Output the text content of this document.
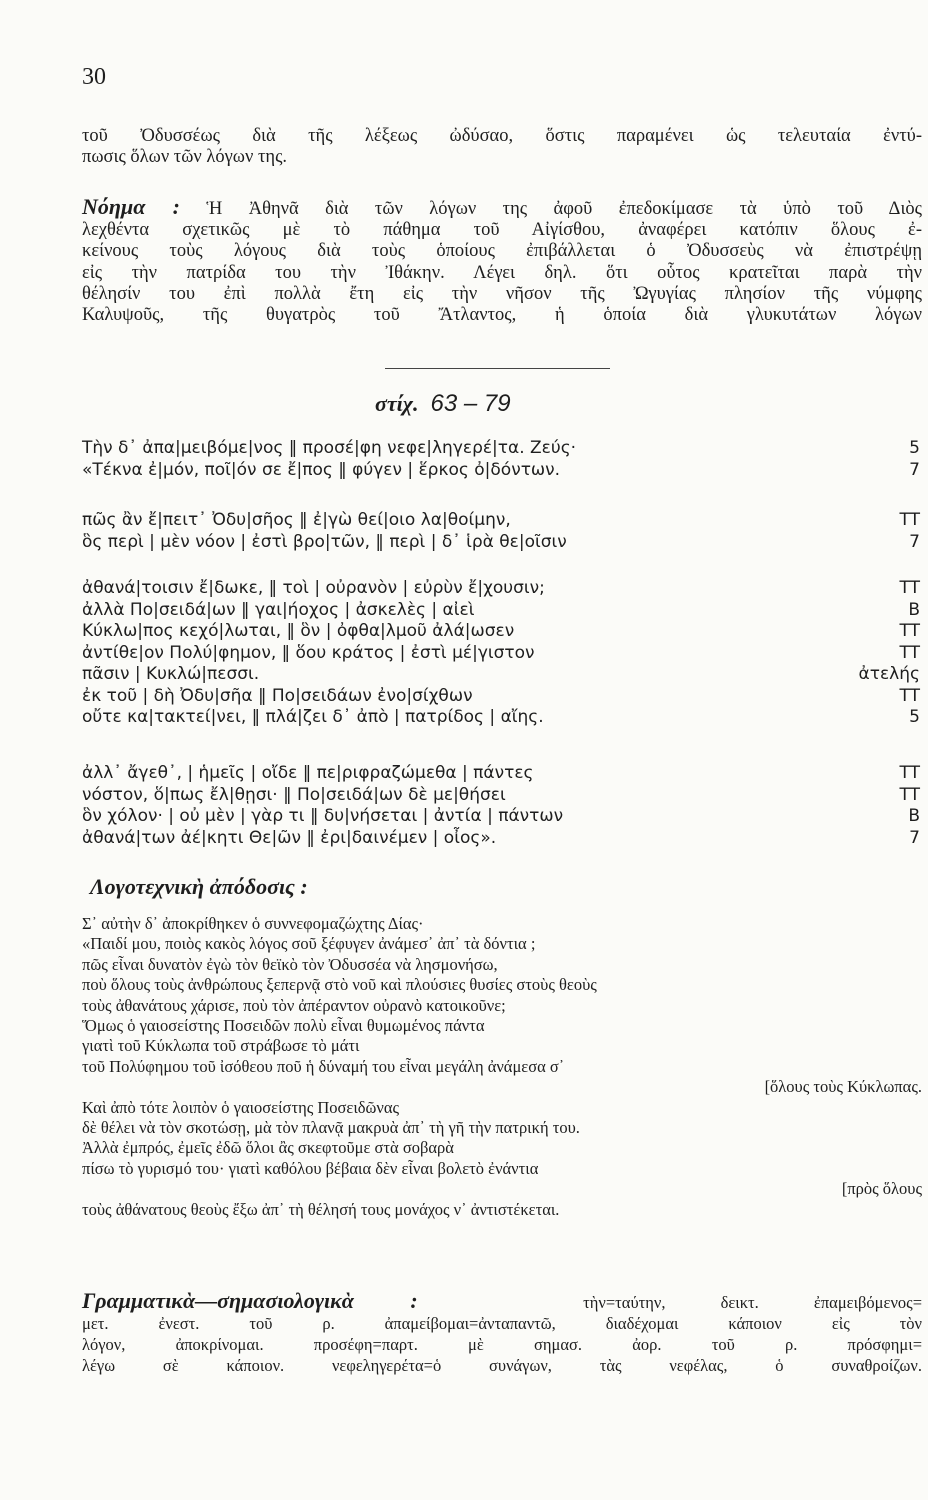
30
τοῦ Ὀδυσσέως διὰ τῆς λέξεως ὠδύσαο, ὅστις παραμένει ὡς τελευταία ἐντύ-
πωσις ὅλων τῶν λόγων της.
Νόημα : Ἡ Ἀθηνᾶ διὰ τῶν λόγων της ἀφοῦ ἐπεδοκίμασε τὰ ὑπὸ τοῦ Διὸς
λεχθέντα σχετικῶς μὲ τὸ πάθημα τοῦ Αἰγίσθου, ἀναφέρει κατόπιν ὅλους ἐ-
κείνους τοὺς λόγους διὰ τοὺς ὁποίους ἐπιβάλλεται ὁ Ὀδυσσεὺς νὰ ἐπιστρέψῃ
εἰς τὴν πατρίδα του τὴν Ἰθάκην. Λέγει δηλ. ὅτι οὗτος κρατεῖται παρὰ τὴν
θέλησίν του ἐπὶ πολλὰ ἔτη εἰς τὴν νῆσον τῆς Ὠγυγίας πλησίον τῆς νύμφης
Καλυψοῦς, τῆς θυγατρὸς τοῦ Ἄτλαντος, ἡ ὁποία διὰ γλυκυτάτων λόγων
στίχ. 63 – 79
Τὴν δ᾿ ἀπα|μειβόμε|νος ‖ προσέ|φη νεφε|ληγερέ|τα. Ζεύς·	5
«Τέκνα ἐ|μόν, ποῖ|όν σε ἔ|πος ‖ φύγεν | ἕρκος ὀ|δόντων.	7
πῶς ἂν ἔ|πειτ᾿ Ὀδυ|σῆος ‖ ἐ|γὼ θεί|οιο λα|θοίμην,	TT
ὃς περὶ | μὲν νόον | ἐστὶ βρο|τῶν, ‖ περὶ | δ᾿ ἱρὰ θε|οῖσιν	7
ἀθανά|τοισιν ἔ|δωκε, ‖ τοὶ | οὐρανὸν | εὐρὺν ἔ|χουσιν;	TT
ἀλλὰ Πο|σειδά|ων ‖ γαι|ήοχος | ἀσκελὲς | αἰεὶ	B
Κύκλω|πος κεχό|λωται, ‖ ὃν | ὀφθα|λμοῦ ἀλά|ωσεν	TT
ἀντίθε|ον Πολύ|φημον, ‖ ὅου κράτος | ἐστὶ μέ|γιστον	TT
πᾶσιν | Κυκλώ|πεσσι.	ἀτελής
ἐκ τοῦ | δὴ Ὀδυ|σῆα ‖ Πο|σειδάων ἐνο|σίχθων	TT
οὔτε κα|τακτεί|νει, ‖ πλά|ζει δ᾿ ἀπὸ | πατρίδος | αἴης.	5
ἀλλ᾿ ἄγεθ᾿, | ἡμεῖς | οἴδε ‖ πε|ριφραζώμεθα | πάντες	TT
νόστον, ὅ|πως ἔλ|θῃσι· ‖ Πο|σειδά|ων δὲ με|θήσει	TT
ὃν χόλον· | οὐ μὲν | γὰρ τι ‖ δυ|νήσεται | ἀντία | πάντων	B
ἀθανά|των ἀέ|κητι Θε|ῶν ‖ ἐρι|δαινέμεν | οἶος».	7
Λογοτεχνικὴ ἀπόδοσις :
Σ᾿ αὐτὴν δ᾿ ἀποκρίθηκεν ὁ συννεφομαζώχτης Δίας·
«Παιδί μου, ποιὸς κακὸς λόγος σοῦ ξέφυγεν ἀνάμεσ᾿ ἀπ᾿ τὰ δόντια ;
πῶς εἶναι δυνατὸν ἐγὼ τὸν θεϊκὸ τὸν Ὀδυσσέα νὰ λησμονήσω,
ποὺ ὅλους τοὺς ἀνθρώπους ξεπερνᾷ στὸ νοῦ καὶ πλούσιες θυσίες στοὺς θεοὺς
τοὺς ἀθανάτους χάρισε, ποὺ τὸν ἀπέραντον οὐρανὸ κατοικοῦνε;
Ὅμως ὁ γαιοσείστης Ποσειδῶν πολὺ εἶναι θυμωμένος πάντα
γιατὶ τοῦ Κύκλωπα τοῦ στράβωσε τὸ μάτι
τοῦ Πολύφημου τοῦ ἰσόθεου ποῦ ἡ δύναμή του εἶναι μεγάλη ἀνάμεσα σ᾿
[ὅλους τοὺς Κύκλωπας.
Καὶ ἀπὸ τότε λοιπὸν ὁ γαιοσείστης Ποσειδῶνας
δὲ θέλει νὰ τὸν σκοτώσῃ, μὰ τὸν πλανᾷ μακρυὰ ἀπ᾿ τὴ γῆ τὴν πατρική του.
Ἀλλὰ ἐμπρός, ἐμεῖς ἐδῶ ὅλοι ἂς σκεφτοῦμε στὰ σοβαρὰ
πίσω τὸ γυρισμό του· γιατὶ καθόλου βέβαια δὲν εἶναι βολετὸ ἐνάντια
[πρὸς ὅλους
τοὺς ἀθάνατους θεοὺς ἔξω ἀπ᾿ τὴ θέλησή τους μονάχος ν᾿ ἀντιστέκεται.
Γραμματικὰ—σημασιολογικὰ :	τὴν=ταύτην, δεικτ. ἐπαμειβόμενος=
μετ. ἐνεστ. τοῦ ρ. ἀπαμείβομαι=ἀνταπαντῶ, διαδέχομαι κάποιον εἰς τὸν
λόγον, ἀποκρίνομαι. προσέφη=παρτ. μὲ σημασ. ἀορ. τοῦ ρ. πρόσφημι=
λέγω σὲ κάποιον. νεφεληγερέτα=ὁ συνάγων, τὰς νεφέλας, ὁ συναθροίζων.
